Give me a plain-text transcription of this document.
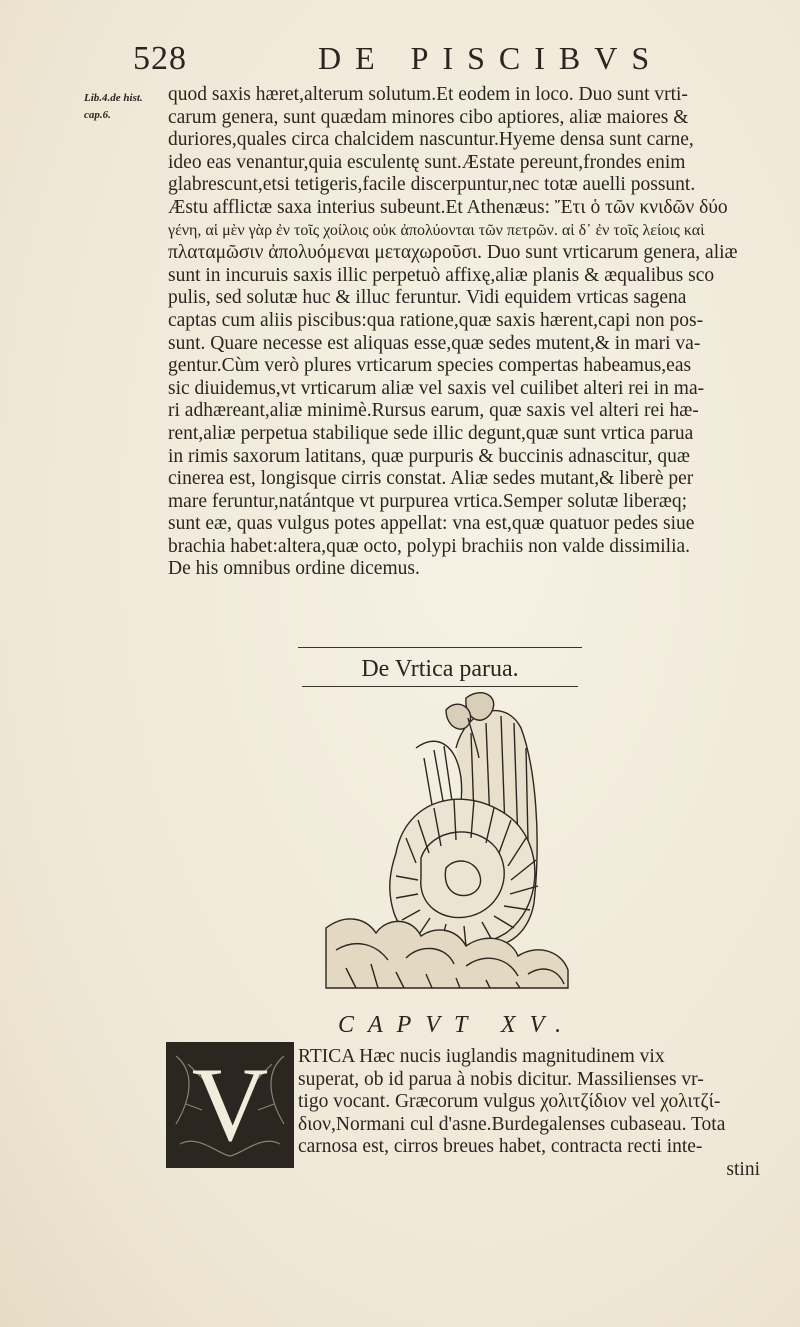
528	DE PISCIBVS
Lib.4.de hist.
cap.6.
quod saxis hæret,alterum solutum.Et eodem in loco. Duo sunt vrti-
carum genera, sunt quædam minores cibo aptiores, aliæ maiores &
duriores,quales circa chalcidem nascuntur.Hyeme densa sunt carne,
ideo eas venantur,quia esculentę sunt.Æstate pereunt,frondes enim
glabrescunt,etsi tetigeris,facile discerpuntur,nec totæ auelli possunt.
Æstu afflictæ saxa interius subeunt.Et Athenæus: Ἔτι ὁ τῶν κνιδῶν δύο
γένη, αἱ μὲν γὰρ ἐν τοῖς χοίλοις οὐκ ἀπολύονται τῶν πετρῶν. αἱ δ᾽ ἐν τοῖς λείοις καὶ
πλαταμῶσιν ἀπολυόμεναι μεταχωροῦσι. Duo sunt vrticarum genera, aliæ
sunt in incuruis saxis illic perpetuò affixę,aliæ planis & æqualibus sco
pulis, sed solutæ huc & illuc feruntur. Vidi equidem vrticas sagena
captas cum aliis piscibus:qua ratione,quæ saxis hærent,capi non pos-
sunt. Quare necesse est aliquas esse,quæ sedes mutent,& in mari va-
gentur.Cùm verò plures vrticarum species compertas habeamus,eas
sic diuidemus,vt vrticarum aliæ vel saxis vel cuilibet alteri rei in ma-
ri adhæreant,aliæ minimè.Rursus earum, quæ saxis vel alteri rei hæ-
rent,aliæ perpetua stabilique sede illic degunt,quæ sunt vrtica parua
in rimis saxorum latitans, quæ purpuris & buccinis adnascitur, quæ
cinerea est, longisque cirris constat. Aliæ sedes mutant,& liberè per
mare feruntur,natántque vt purpurea vrtica.Semper solutæ liberæq;
sunt eæ, quas vulgus potes appellat: vna est,quæ quatuor pedes siue
brachia habet:altera,quæ octo, polypi brachiis non valde dissimilia.
De his omnibus ordine dicemus.
De Vrtica parua.
CAPVT XV.
V	RTICA Hæc nucis iuglandis magnitudinem vix
superat, ob id parua à nobis dicitur. Massilienses vr-
tigo vocant. Græcorum vulgus χολιτζίδιον vel χολιτζί-
διον,Normani cul d'asne.Burdegalenses cubaseau. Tota
carnosa est, cirros breues habet, contracta recti inte-
stini
